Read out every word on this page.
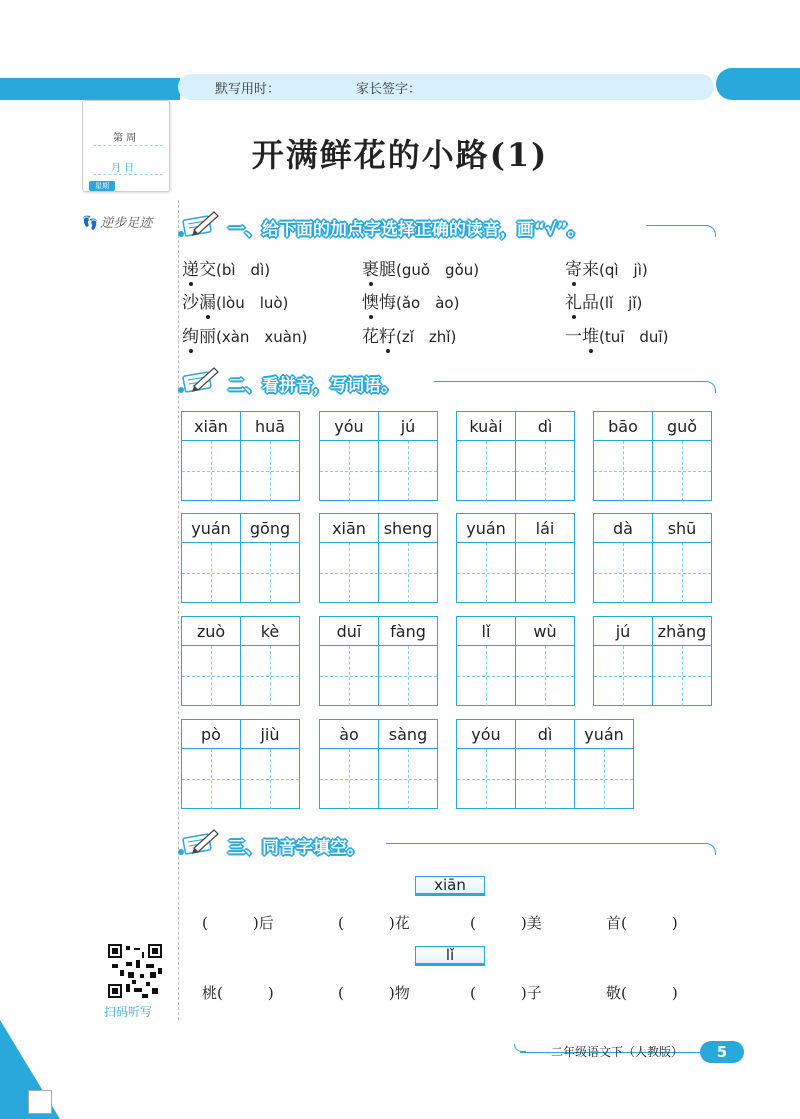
默写用时：	家长签字：
第 周
月 日
星期
👣 逆步足迹
开满鲜花的小路(1)
一、给下面的加点字选择正确的读音，画“√”。
递交(bì　dì)	裹腿(guǒ　gǒu)	寄来(qì　jì)
沙漏(lòu　luò)	懊悔(ǎo　ào)	礼品(lǐ　jǐ)
绚丽(xàn　xuàn)	花籽(zǐ　zhǐ)	一堆(tuī　duī)
二、看拼音，写词语。
xiān	huā	yóu	jú	kuài	dì	bāo	guǒ
yuán	gōng	xiān	sheng	yuán	lái	dà	shū
zuò	kè	duī	fàng	lǐ	wù	jú	zhǎng
pò	jiù	ào	sàng	yóu	dì	yuán
三、同音字填空。
xiān
(　　　)后	(　　　)花	(　　　)美	首(　　　)
lǐ
桃(　　　)	(　　　)物	(　　　)子	敬(　　　)
扫码听写
二年级语文下（人教版）	5
